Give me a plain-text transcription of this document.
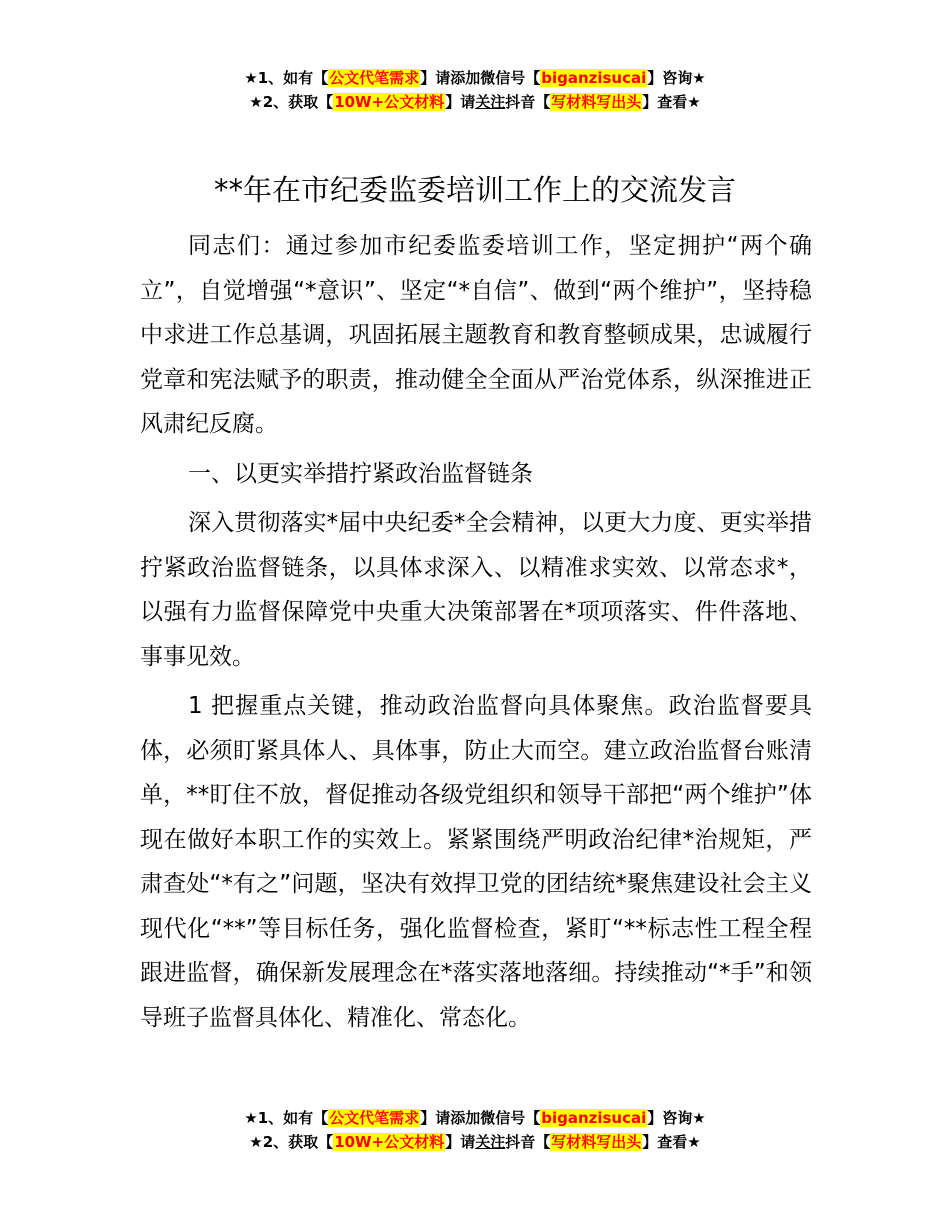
★1、如有【公文代笔需求】请添加微信号【biganzisucai】咨询★
★2、获取【10W+公文材料】请关注抖音【写材料写出头】查看★
**年在市纪委监委培训工作上的交流发言

同志们：通过参加市纪委监委培训工作，坚定拥护“两个确立”，自觉增强“*意识”、坚定“*自信”、做到“两个维护”，坚持稳中求进工作总基调，巩固拓展主题教育和教育整顿成果，忠诚履行党章和宪法赋予的职责，推动健全全面从严治党体系，纵深推进正风肃纪反腐。

一、以更实举措拧紧政治监督链条

深入贯彻落实*届中央纪委*全会精神，以更大力度、更实举措拧紧政治监督链条，以具体求深入、以精准求实效、以常态求*，以强有力监督保障党中央重大决策部署在*项项落实、件件落地、事事见效。

1 把握重点关键，推动政治监督向具体聚焦。政治监督要具体，必须盯紧具体人、具体事，防止大而空。建立政治监督台账清单，**盯住不放，督促推动各级党组织和领导干部把“两个维护”体现在做好本职工作的实效上。紧紧围绕严明政治纪律*治规矩，严肃查处“*有之”问题，坚决有效捍卫党的团结统*聚焦建设社会主义现代化“**”等目标任务，强化监督检查，紧盯“**标志性工程全程跟进监督，确保新发展理念在*落实落地落细。持续推动“*手”和领导班子监督具体化、精准化、常态化。

★1、如有【公文代笔需求】请添加微信号【biganzisucai】咨询★
★2、获取【10W+公文材料】请关注抖音【写材料写出头】查看★
